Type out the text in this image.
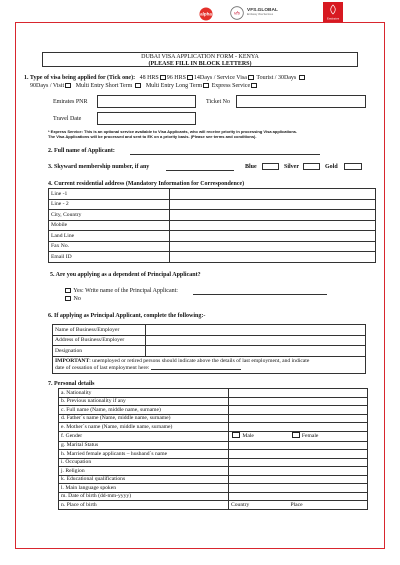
alpha	vfs
VFS.GLOBAL
Embassy Visa Services
Emirates
DUBAI VISA APPLICATION FORM - KENYA
(PLEASE FILL IN BLOCK LETTERS)
1. Type of visa being applied for (Tick one): 48 HRS 96 HRS 14Days / Service Visa Tourist / 30Days
90Days / Visit Multi Entry Short Term Multi Entry Long Term Express Service
Emirates PNR	Ticket No
Travel Date
* Express Service: This is an optional service available to Visa Applicants, who will receive priority in processing Visa applications.
The Visa Applications will be processed and sent to EK on a priority basis. (Please see terms and conditions).
2. Full name of Applicant:
3. Skyward membership number, if any	Blue	Silver	Gold
4. Current residential address (Mandatory Information for Correspondence)
Line -1	
Line - 2	
City, Country	
Mobile	
Land Line	
Fax No.	
Email ID	
5. Are you applying as a dependent of Principal Applicant?
Yes: Write name of the Principal Applicant:
No
6. If applying as Principal Applicant, complete the following:-
Name of Business/Employer	
Address of Business/Employer	
Designation	
IMPORTANT: unemployed or retired persons should indicate above the details of last employment, and indicate
date of cessation of last employment here:	
7. Personal details
a. Nationality		
b. Previous nationality if any		
c. Full name (Name, middle name, surname)		
d. Father`s name (Name, middle name, surname)		
e. Mother`s name (Name, middle name, surname)		
f. Gender	Male	Female
g. Marital Status		
h. Married female applicants – husband`s name		
i. Occupation		
j. Religion		
k. Educational qualifications		
l. Main language spoken		
m. Date of birth (dd-mm-yyyy)		
n. Place of birth	Country	Place
